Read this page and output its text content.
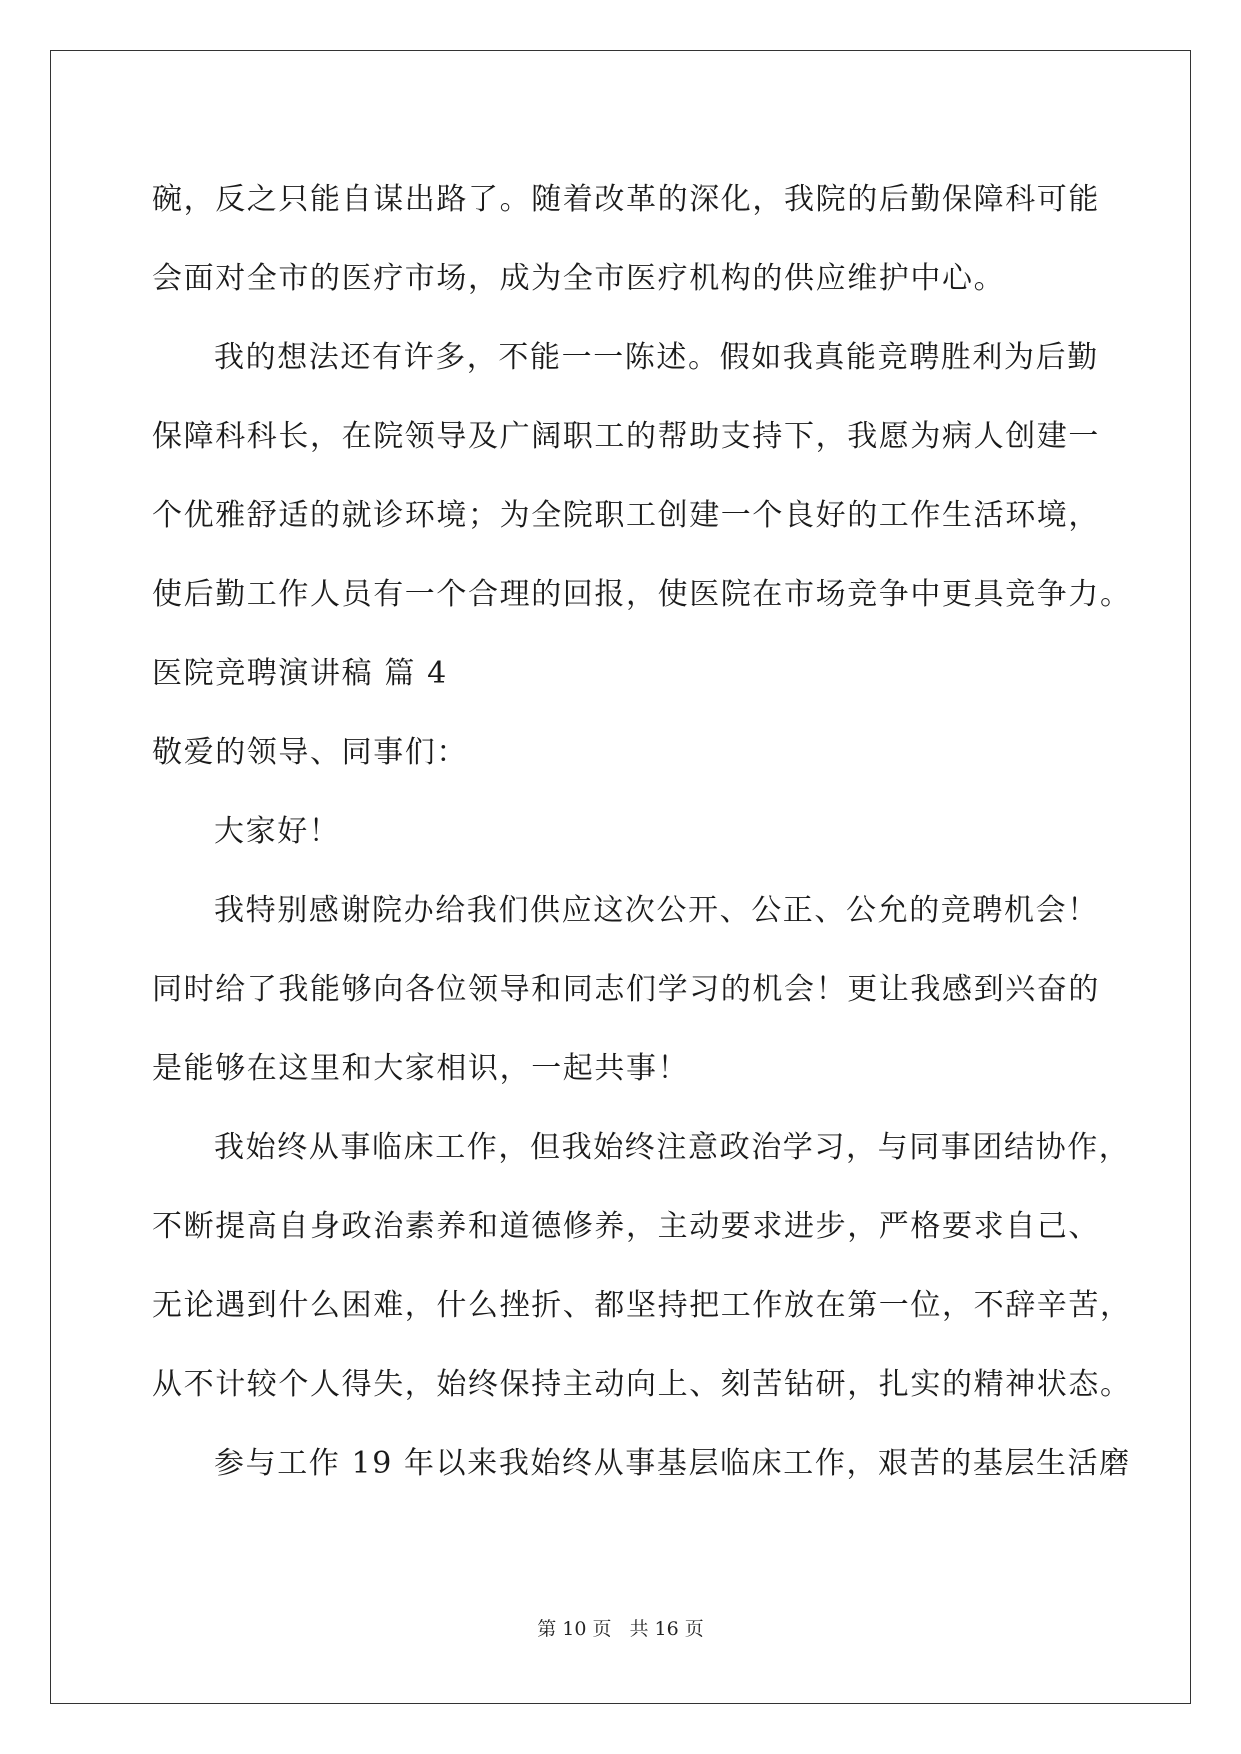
碗，反之只能自谋出路了。随着改革的深化，我院的后勤保障科可能
会面对全市的医疗市场，成为全市医疗机构的供应维护中心。
我的想法还有许多，不能一一陈述。假如我真能竞聘胜利为后勤
保障科科长，在院领导及广阔职工的帮助支持下，我愿为病人创建一
个优雅舒适的就诊环境；为全院职工创建一个良好的工作生活环境，
使后勤工作人员有一个合理的回报，使医院在市场竞争中更具竞争力。
医院竞聘演讲稿 篇 4
敬爱的领导、同事们：
大家好！
我特别感谢院办给我们供应这次公开、公正、公允的竞聘机会！
同时给了我能够向各位领导和同志们学习的机会！更让我感到兴奋的
是能够在这里和大家相识，一起共事！
我始终从事临床工作，但我始终注意政治学习，与同事团结协作，
不断提高自身政治素养和道德修养，主动要求进步，严格要求自己、
无论遇到什么困难，什么挫折、都坚持把工作放在第一位，不辞辛苦，
从不计较个人得失，始终保持主动向上、刻苦钻研，扎实的精神状态。
参与工作 19 年以来我始终从事基层临床工作，艰苦的基层生活磨
第 10 页 共 16 页
